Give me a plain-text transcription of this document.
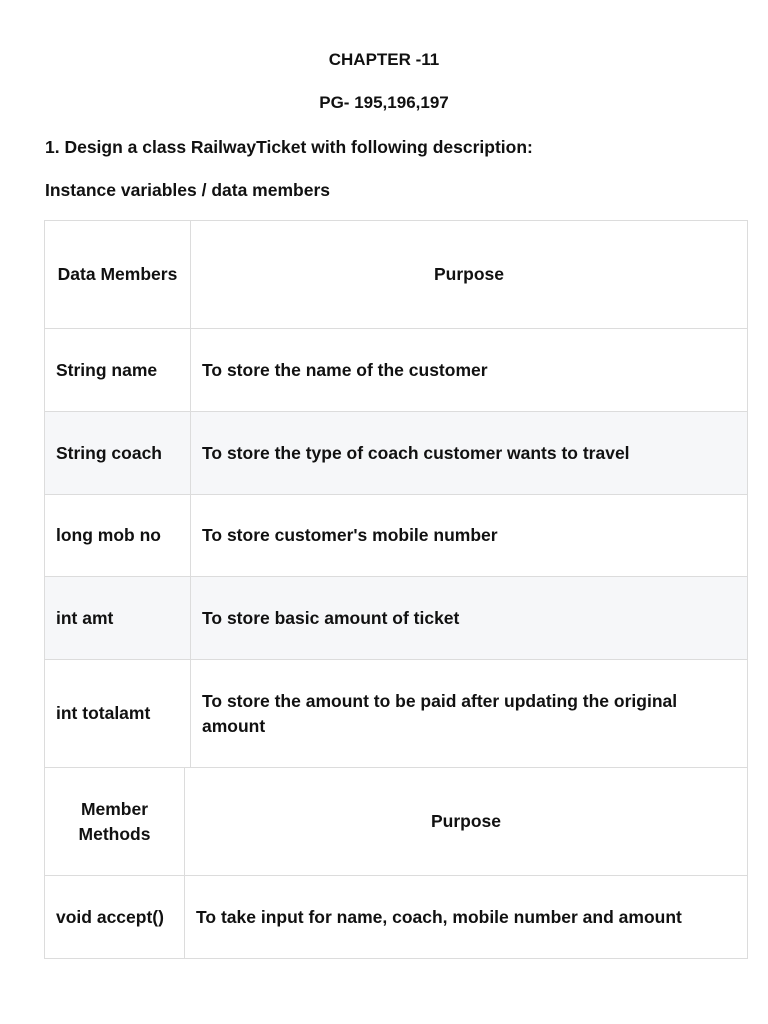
CHAPTER -11
PG- 195,196,197
1. Design a class RailwayTicket with following description:
Instance variables / data members
Data Members	Purpose
String name	To store the name of the customer
String coach	To store the type of coach customer wants to travel
long mob no	To store customer's mobile number
int amt	To store basic amount of ticket
int totalamt	To store the amount to be paid after updating the original amount
Member Methods	Purpose
void accept()	To take input for name, coach, mobile number and amount
